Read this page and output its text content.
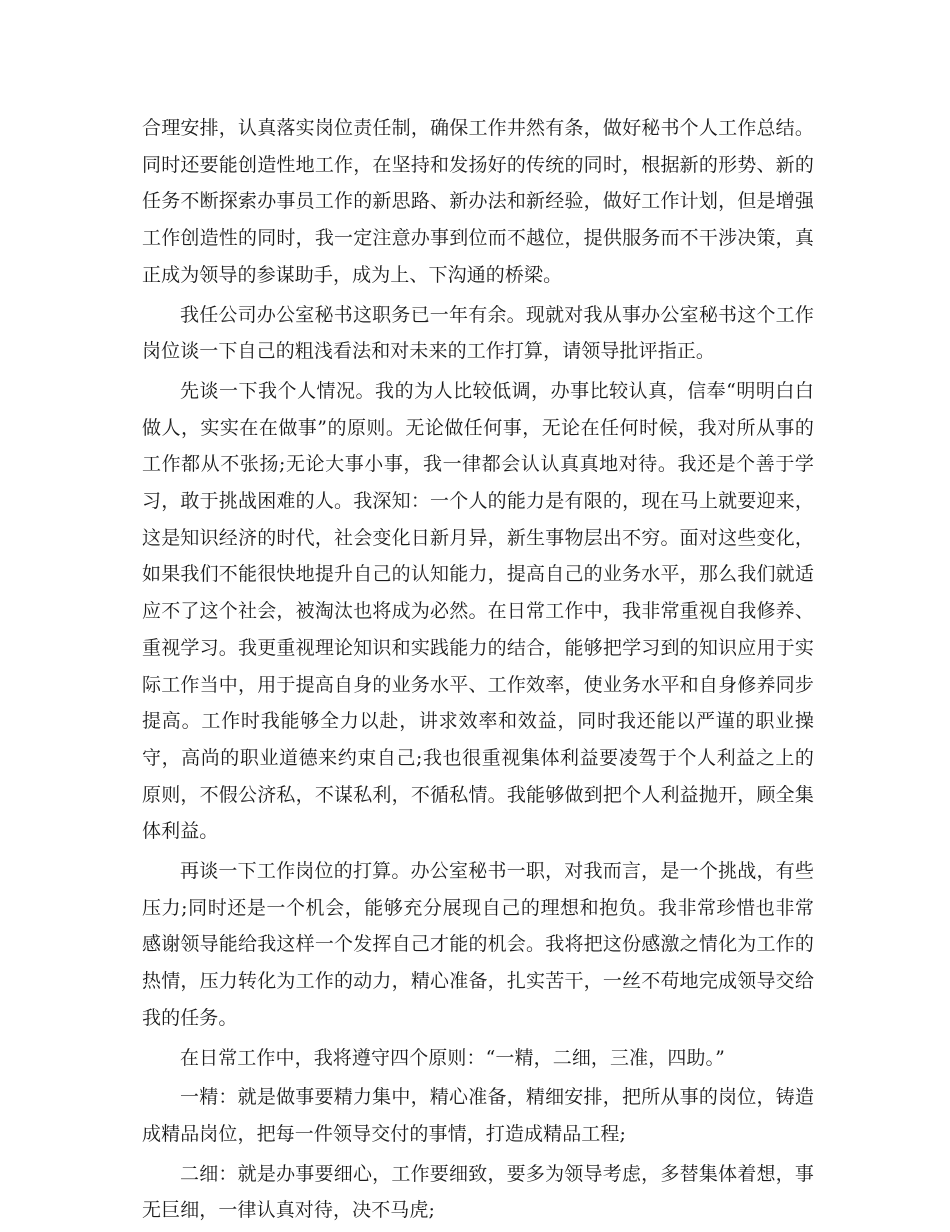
合理安排，认真落实岗位责任制，确保工作井然有条，做好秘书个人工作总结。同时还要能创造性地工作，在坚持和发扬好的传统的同时，根据新的形势、新的任务不断探索办事员工作的新思路、新办法和新经验，做好工作计划，但是增强工作创造性的同时，我一定注意办事到位而不越位，提供服务而不干涉决策，真正成为领导的参谋助手，成为上、下沟通的桥梁。

我任公司办公室秘书这职务已一年有余。现就对我从事办公室秘书这个工作岗位谈一下自己的粗浅看法和对未来的工作打算，请领导批评指正。

先谈一下我个人情况。我的为人比较低调，办事比较认真，信奉“明明白白做人，实实在在做事”的原则。无论做任何事，无论在任何时候，我对所从事的工作都从不张扬;无论大事小事，我一律都会认认真真地对待。我还是个善于学习，敢于挑战困难的人。我深知：一个人的能力是有限的，现在马上就要迎来，这是知识经济的时代，社会变化日新月异，新生事物层出不穷。面对这些变化，如果我们不能很快地提升自己的认知能力，提高自己的业务水平，那么我们就适应不了这个社会，被淘汰也将成为必然。在日常工作中，我非常重视自我修养、重视学习。我更重视理论知识和实践能力的结合，能够把学习到的知识应用于实际工作当中，用于提高自身的业务水平、工作效率，使业务水平和自身修养同步提高。工作时我能够全力以赴，讲求效率和效益，同时我还能以严谨的职业操守，高尚的职业道德来约束自己;我也很重视集体利益要凌驾于个人利益之上的原则，不假公济私，不谋私利，不循私情。我能够做到把个人利益抛开，顾全集体利益。

再谈一下工作岗位的打算。办公室秘书一职，对我而言，是一个挑战，有些压力;同时还是一个机会，能够充分展现自己的理想和抱负。我非常珍惜也非常感谢领导能给我这样一个发挥自己才能的机会。我将把这份感激之情化为工作的热情，压力转化为工作的动力，精心准备，扎实苦干，一丝不苟地完成领导交给我的任务。

在日常工作中，我将遵守四个原则：“一精，二细，三准，四助。”

一精：就是做事要精力集中，精心准备，精细安排，把所从事的岗位，铸造成精品岗位，把每一件领导交付的事情，打造成精品工程;

二细：就是办事要细心，工作要细致，要多为领导考虑，多替集体着想，事无巨细，一律认真对待，决不马虎;
